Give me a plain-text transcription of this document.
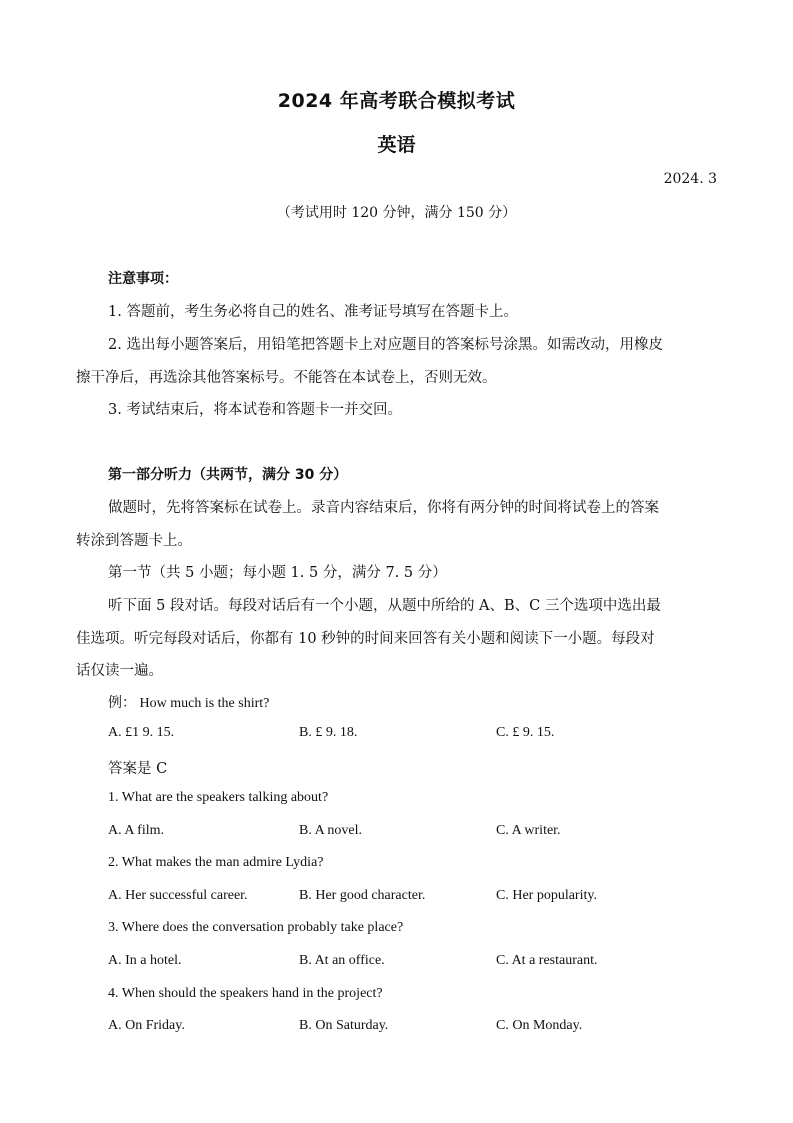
2024 年高考联合模拟考试
英语
2024. 3
（考试用时 120 分钟，满分 150 分）
注意事项：
1. 答题前，考生务必将自己的姓名、准考证号填写在答题卡上。
2. 选出每小题答案后，用铅笔把答题卡上对应题目的答案标号涂黑。如需改动，用橡皮
擦干净后，再选涂其他答案标号。不能答在本试卷上，否则无效。
3. 考试结束后，将本试卷和答题卡一并交回。
第一部分听力（共两节，满分 30 分）
做题时，先将答案标在试卷上。录音内容结束后，你将有两分钟的时间将试卷上的答案
转涂到答题卡上。
第一节（共 5 小题；每小题 1. 5 分，满分 7. 5 分）
听下面 5 段对话。每段对话后有一个小题，从题中所给的 A、B、C 三个选项中选出最
佳选项。听完每段对话后，你都有 10 秒钟的时间来回答有关小题和阅读下一小题。每段对
话仅读一遍。
例： How much is the shirt?
A. £1 9. 15.	B. £ 9. 18.	C. £ 9. 15.
答案是 C
1. What are the speakers talking about?
A. A film.	B. A novel.	C. A writer.
2. What makes the man admire Lydia?
A. Her successful career.	B. Her good character.	C. Her popularity.
3. Where does the conversation probably take place?
A. In a hotel.	B. At an office.	C. At a restaurant.
4. When should the speakers hand in the project?
A. On Friday.	B. On Saturday.	C. On Monday.
